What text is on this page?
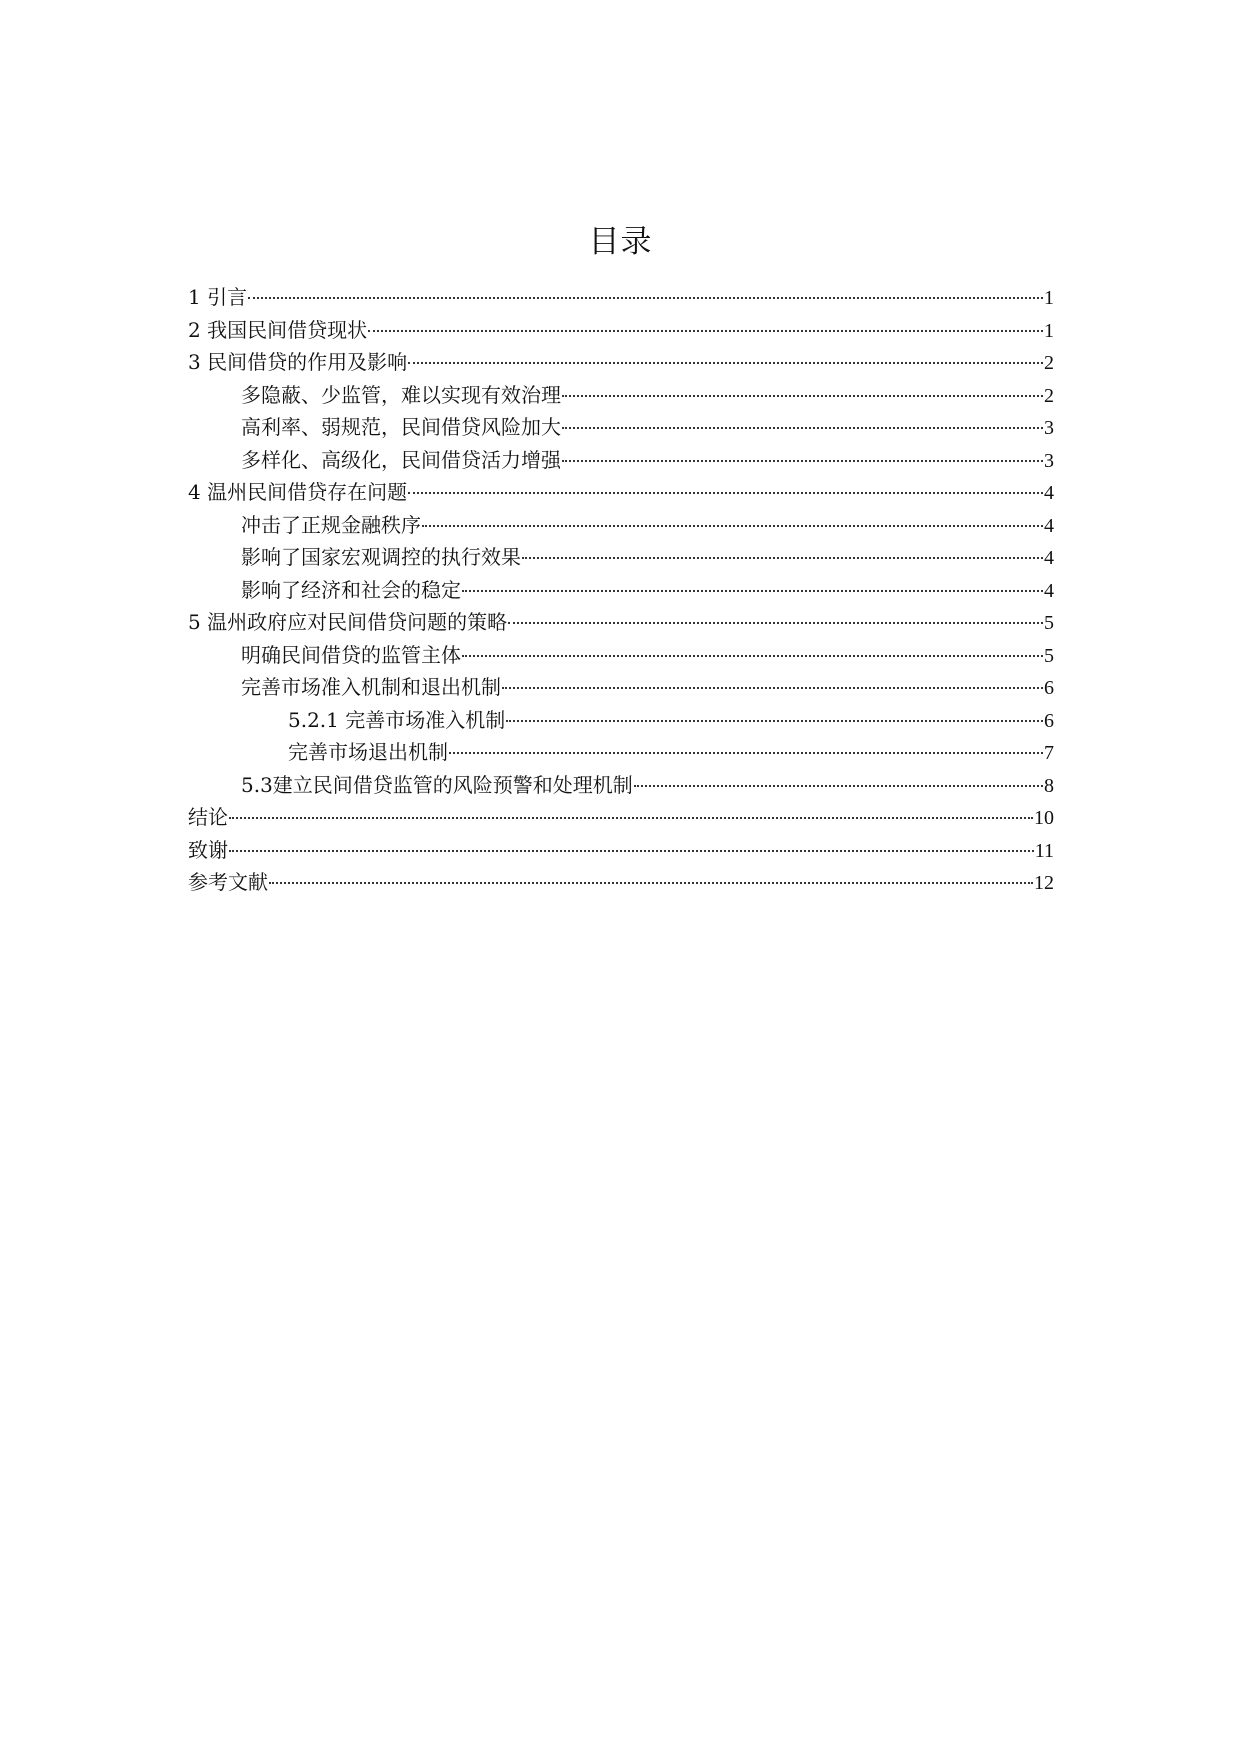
目录
1 引言	1
2 我国民间借贷现状	1
3 民间借贷的作用及影响	2
多隐蔽、少监管，难以实现有效治理	2
高利率、弱规范，民间借贷风险加大	3
多样化、高级化，民间借贷活力增强	3
4 温州民间借贷存在问题	4
冲击了正规金融秩序	4
影响了国家宏观调控的执行效果	4
影响了经济和社会的稳定	4
5 温州政府应对民间借贷问题的策略	5
明确民间借贷的监管主体	5
完善市场准入机制和退出机制	6
5.2.1 完善市场准入机制	6
完善市场退出机制	7
5.3建立民间借贷监管的风险预警和处理机制	8
结论	10
致谢	11
参考文献	12
